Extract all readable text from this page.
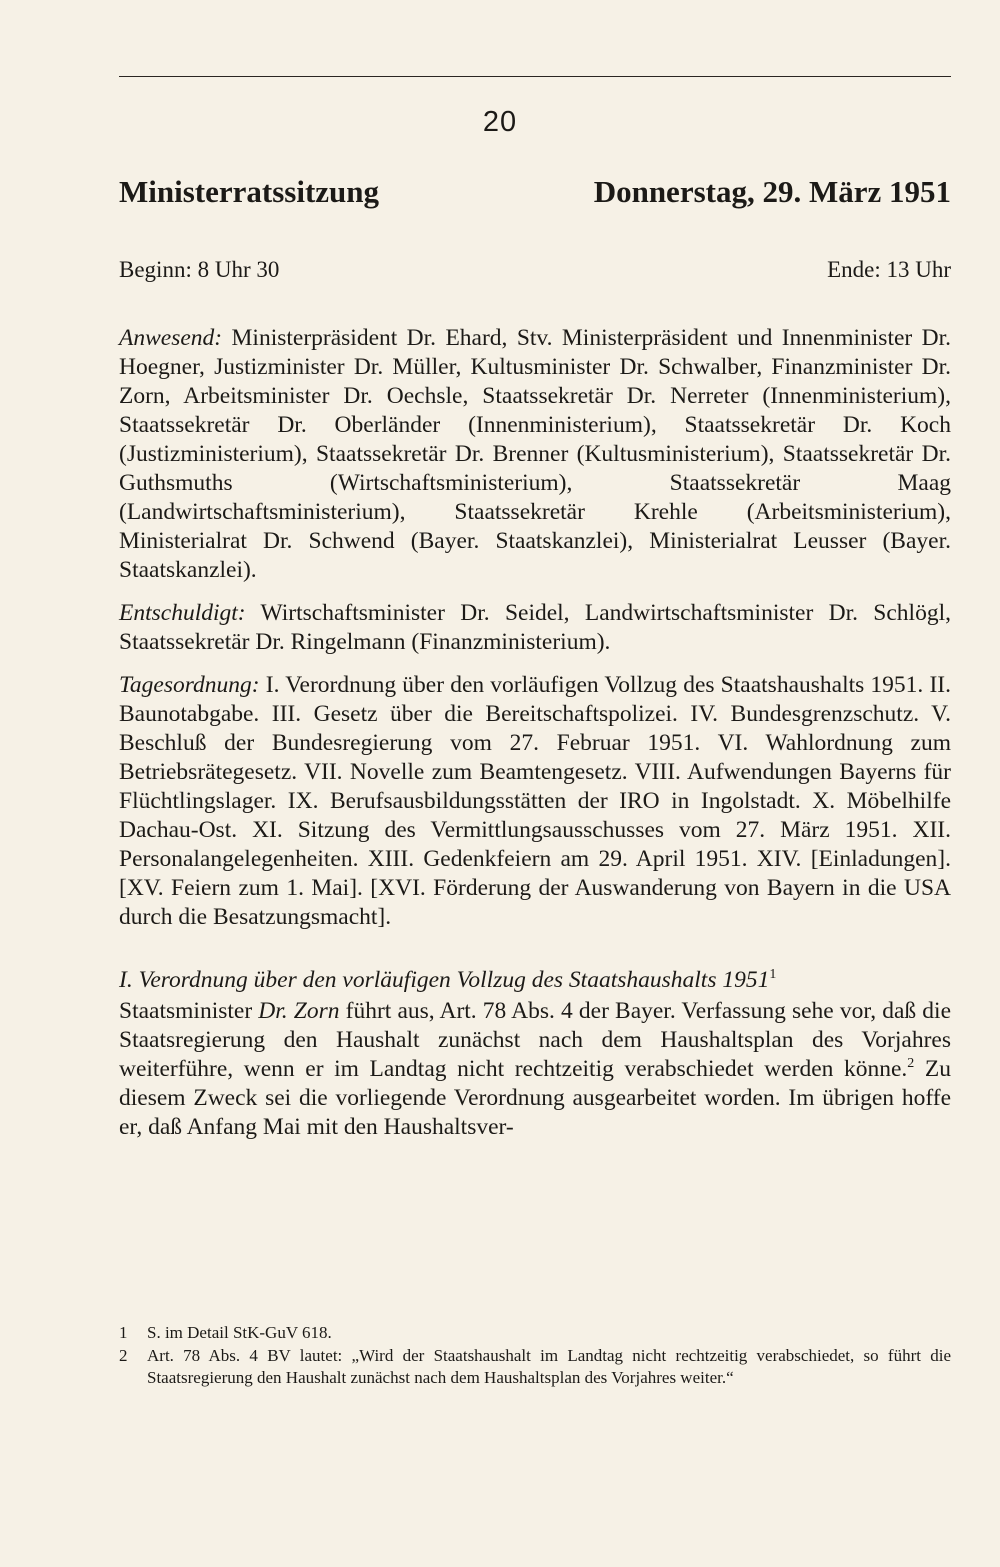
20
Ministerratssitzung	Donnerstag, 29. März 1951
Beginn: 8 Uhr 30	Ende: 13 Uhr

Anwesend: Ministerpräsident Dr. Ehard, Stv. Ministerpräsident und Innenminister Dr. Hoegner, Justizminister Dr. Müller, Kultusminister Dr. Schwalber, Finanzminister Dr. Zorn, Arbeitsminister Dr. Oechsle, Staatssekretär Dr. Nerreter (Innenministerium), Staatssekretär Dr. Oberländer (Innenministerium), Staatssekretär Dr. Koch (Justizministerium), Staatssekretär Dr. Brenner (Kultusministerium), Staatssekretär Dr. Guthsmuths (Wirtschaftsministerium), Staatssekretär Maag (Landwirtschaftsministerium), Staatssekretär Krehle (Arbeitsministerium), Ministerialrat Dr. Schwend (Bayer. Staatskanzlei), Ministerialrat Leusser (Bayer. Staatskanzlei).

Entschuldigt: Wirtschaftsminister Dr. Seidel, Landwirtschaftsminister Dr. Schlögl, Staatssekretär Dr. Ringelmann (Finanzministerium).

Tagesordnung: I. Verordnung über den vorläufigen Vollzug des Staatshaushalts 1951. II. Baunotabgabe. III. Gesetz über die Bereitschaftspolizei. IV. Bundesgrenzschutz. V. Beschluß der Bundesregierung vom 27. Februar 1951. VI. Wahlordnung zum Betriebsrätegesetz. VII. Novelle zum Beamtengesetz. VIII. Aufwendungen Bayerns für Flüchtlingslager. IX. Berufsausbildungsstätten der IRO in Ingolstadt. X. Möbelhilfe Dachau-Ost. XI. Sitzung des Vermittlungsausschusses vom 27. März 1951. XII. Personalangelegenheiten. XIII. Gedenkfeiern am 29. April 1951. XIV. [Einladungen]. [XV. Feiern zum 1. Mai]. [XVI. Förderung der Auswanderung von Bayern in die USA durch die Besatzungsmacht].

I. Verordnung über den vorläufigen Vollzug des Staatshaushalts 1951$^1$

Staatsminister Dr. Zorn führt aus, Art. 78 Abs. 4 der Bayer. Verfassung sehe vor, daß die Staatsregierung den Haushalt zunächst nach dem Haushaltsplan des Vorjahres weiterführe, wenn er im Landtag nicht rechtzeitig verabschiedet werden könne.$^2$ Zu diesem Zweck sei die vorliegende Verordnung ausgearbeitet worden. Im übrigen hoffe er, daß Anfang Mai mit den Haushaltsver-

1 S. im Detail StK-GuV 618.
2 Art. 78 Abs. 4 BV lautet: „Wird der Staatshaushalt im Landtag nicht rechtzeitig verabschiedet, so führt die Staatsregierung den Haushalt zunächst nach dem Haushaltsplan des Vorjahres weiter.“
